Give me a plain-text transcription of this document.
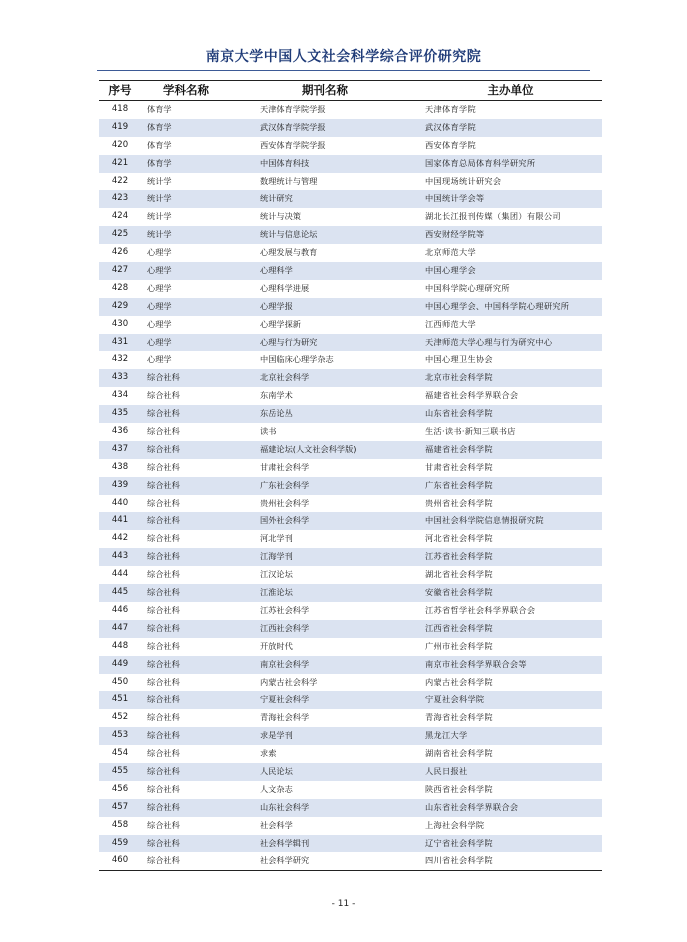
南京大学中国人文社会科学综合评价研究院
序号	学科名称	期刊名称	主办单位
418	体育学	天津体育学院学报	天津体育学院
419	体育学	武汉体育学院学报	武汉体育学院
420	体育学	西安体育学院学报	西安体育学院
421	体育学	中国体育科技	国家体育总局体育科学研究所
422	统计学	数理统计与管理	中国现场统计研究会
423	统计学	统计研究	中国统计学会等
424	统计学	统计与决策	湖北长江报刊传媒（集团）有限公司
425	统计学	统计与信息论坛	西安财经学院等
426	心理学	心理发展与教育	北京师范大学
427	心理学	心理科学	中国心理学会
428	心理学	心理科学进展	中国科学院心理研究所
429	心理学	心理学报	中国心理学会、中国科学院心理研究所
430	心理学	心理学探新	江西师范大学
431	心理学	心理与行为研究	天津师范大学心理与行为研究中心
432	心理学	中国临床心理学杂志	中国心理卫生协会
433	综合社科	北京社会科学	北京市社会科学院
434	综合社科	东南学术	福建省社会科学界联合会
435	综合社科	东岳论丛	山东省社会科学院
436	综合社科	读书	生活·读书·新知三联书店
437	综合社科	福建论坛(人文社会科学版)	福建省社会科学院
438	综合社科	甘肃社会科学	甘肃省社会科学院
439	综合社科	广东社会科学	广东省社会科学院
440	综合社科	贵州社会科学	贵州省社会科学院
441	综合社科	国外社会科学	中国社会科学院信息情报研究院
442	综合社科	河北学刊	河北省社会科学院
443	综合社科	江海学刊	江苏省社会科学院
444	综合社科	江汉论坛	湖北省社会科学院
445	综合社科	江淮论坛	安徽省社会科学院
446	综合社科	江苏社会科学	江苏省哲学社会科学界联合会
447	综合社科	江西社会科学	江西省社会科学院
448	综合社科	开放时代	广州市社会科学院
449	综合社科	南京社会科学	南京市社会科学界联合会等
450	综合社科	内蒙古社会科学	内蒙古社会科学院
451	综合社科	宁夏社会科学	宁夏社会科学院
452	综合社科	青海社会科学	青海省社会科学院
453	综合社科	求是学刊	黑龙江大学
454	综合社科	求索	湖南省社会科学院
455	综合社科	人民论坛	人民日报社
456	综合社科	人文杂志	陕西省社会科学院
457	综合社科	山东社会科学	山东省社会科学界联合会
458	综合社科	社会科学	上海社会科学院
459	综合社科	社会科学辑刊	辽宁省社会科学院
460	综合社科	社会科学研究	四川省社会科学院
- 11 -
